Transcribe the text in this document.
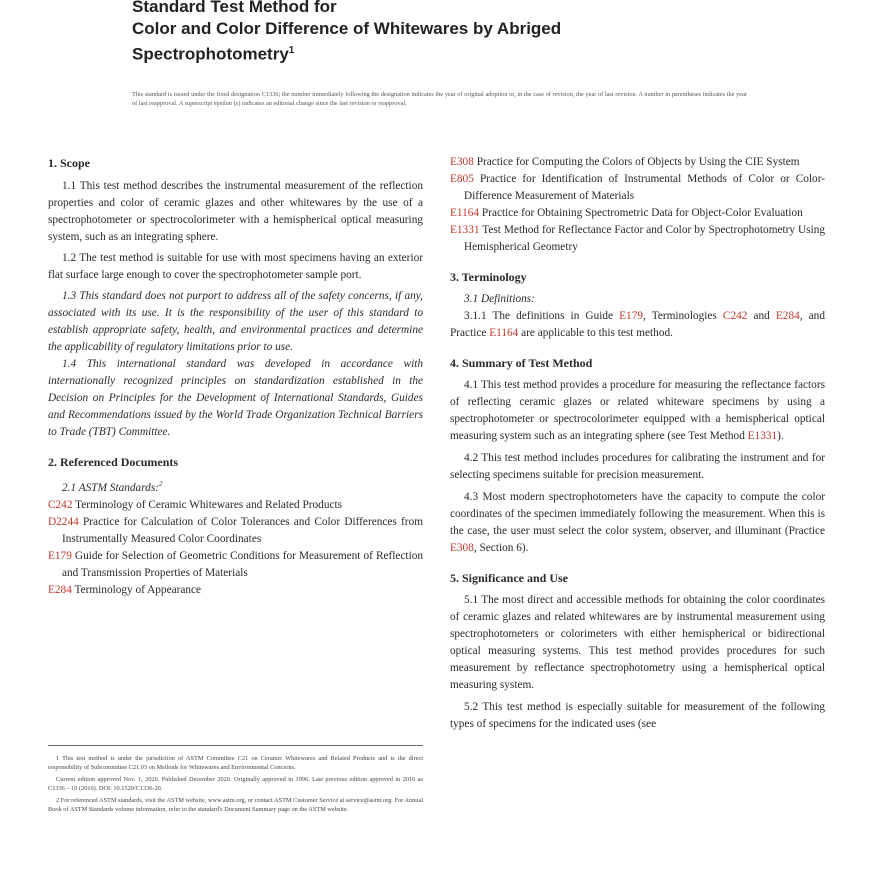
Standard Test Method for
Color and Color Difference of Whitewares by Abriged
Spectrophotometry$^1$
This standard is issued under the fixed designation C1336; the number immediately following the designation indicates the year of original adoption or, in the case of revision, the year of last revision. A number in parentheses indicates the year of last reapproval. A superscript epsilon (ε) indicates an editorial change since the last revision or reapproval.
1. Scope

1.1 This test method describes the instrumental measurement of the reflection properties and color of ceramic glazes and other whitewares by the use of a spectrophotometer or spectrocolorimeter with a hemispherical optical measuring system, such as an integrating sphere.

1.2 The test method is suitable for use with most specimens having an exterior flat surface large enough to cover the spectrophotometer sample port.

1.3 This standard does not purport to address all of the safety concerns, if any, associated with its use. It is the responsibility of the user of this standard to establish appropriate safety, health, and environmental practices and determine the applicability of regulatory limitations prior to use.

1.4 This international standard was developed in accordance with internationally recognized principles on standardization established in the Decision on Principles for the Development of International Standards, Guides and Recommendations issued by the World Trade Organization Technical Barriers to Trade (TBT) Committee.

2. Referenced Documents

2.1 ASTM Standards:$^2$

C242 Terminology of Ceramic Whitewares and Related Products

D2244 Practice for Calculation of Color Tolerances and Color Differences from Instrumentally Measured Color Coordinates

E179 Guide for Selection of Geometric Conditions for Measurement of Reflection and Transmission Properties of Materials

E284 Terminology of Appearance

E308 Practice for Computing the Colors of Objects by Using the CIE System

E805 Practice for Identification of Instrumental Methods of Color or Color-Difference Measurement of Materials

E1164 Practice for Obtaining Spectrometric Data for Object-Color Evaluation

E1331 Test Method for Reflectance Factor and Color by Spectrophotometry Using Hemispherical Geometry

3. Terminology

3.1 Definitions:

3.1.1 The definitions in Guide E179, Terminologies C242 and E284, and Practice E1164 are applicable to this test method.

4. Summary of Test Method

4.1 This test method provides a procedure for measuring the reflectance factors of reflecting ceramic glazes or related whiteware specimens by using a spectrophotometer or spectrocolorimeter equipped with a hemispherical optical measuring system such as an integrating sphere (see Test Method E1331).

4.2 This test method includes procedures for calibrating the instrument and for selecting specimens suitable for precision measurement.

4.3 Most modern spectrophotometers have the capacity to compute the color coordinates of the specimen immediately following the measurement. When this is the case, the user must select the color system, observer, and illuminant (Practice E308, Section 6).

5. Significance and Use

5.1 The most direct and accessible methods for obtaining the color coordinates of ceramic glazes and related whitewares are by instrumental measurement using spectrophotometers or colorimeters with either hemispherical or bidirectional optical measuring systems. This test method provides procedures for such measurement by reflectance spectrophotometry using a hemispherical optical measuring system.

5.2 This test method is especially suitable for measurement of the following types of specimens for the indicated uses (see

1 This test method is under the jurisdiction of ASTM Committee C21 on Ceramic Whitewares and Related Products and is the direct responsibility of Subcommittee C21.03 on Methods for Whitewares and Environmental Concerns.

Current edition approved Nov. 1, 2020. Published December 2020. Originally approved in 1996. Last previous edition approved in 2016 as C1336 – 10 (2016). DOI: 10.1520/C1336-20.

2 For referenced ASTM standards, visit the ASTM website, www.astm.org, or contact ASTM Customer Service at service@astm.org. For Annual Book of ASTM Standards volume information, refer to the standard's Document Summary page on the ASTM website.
